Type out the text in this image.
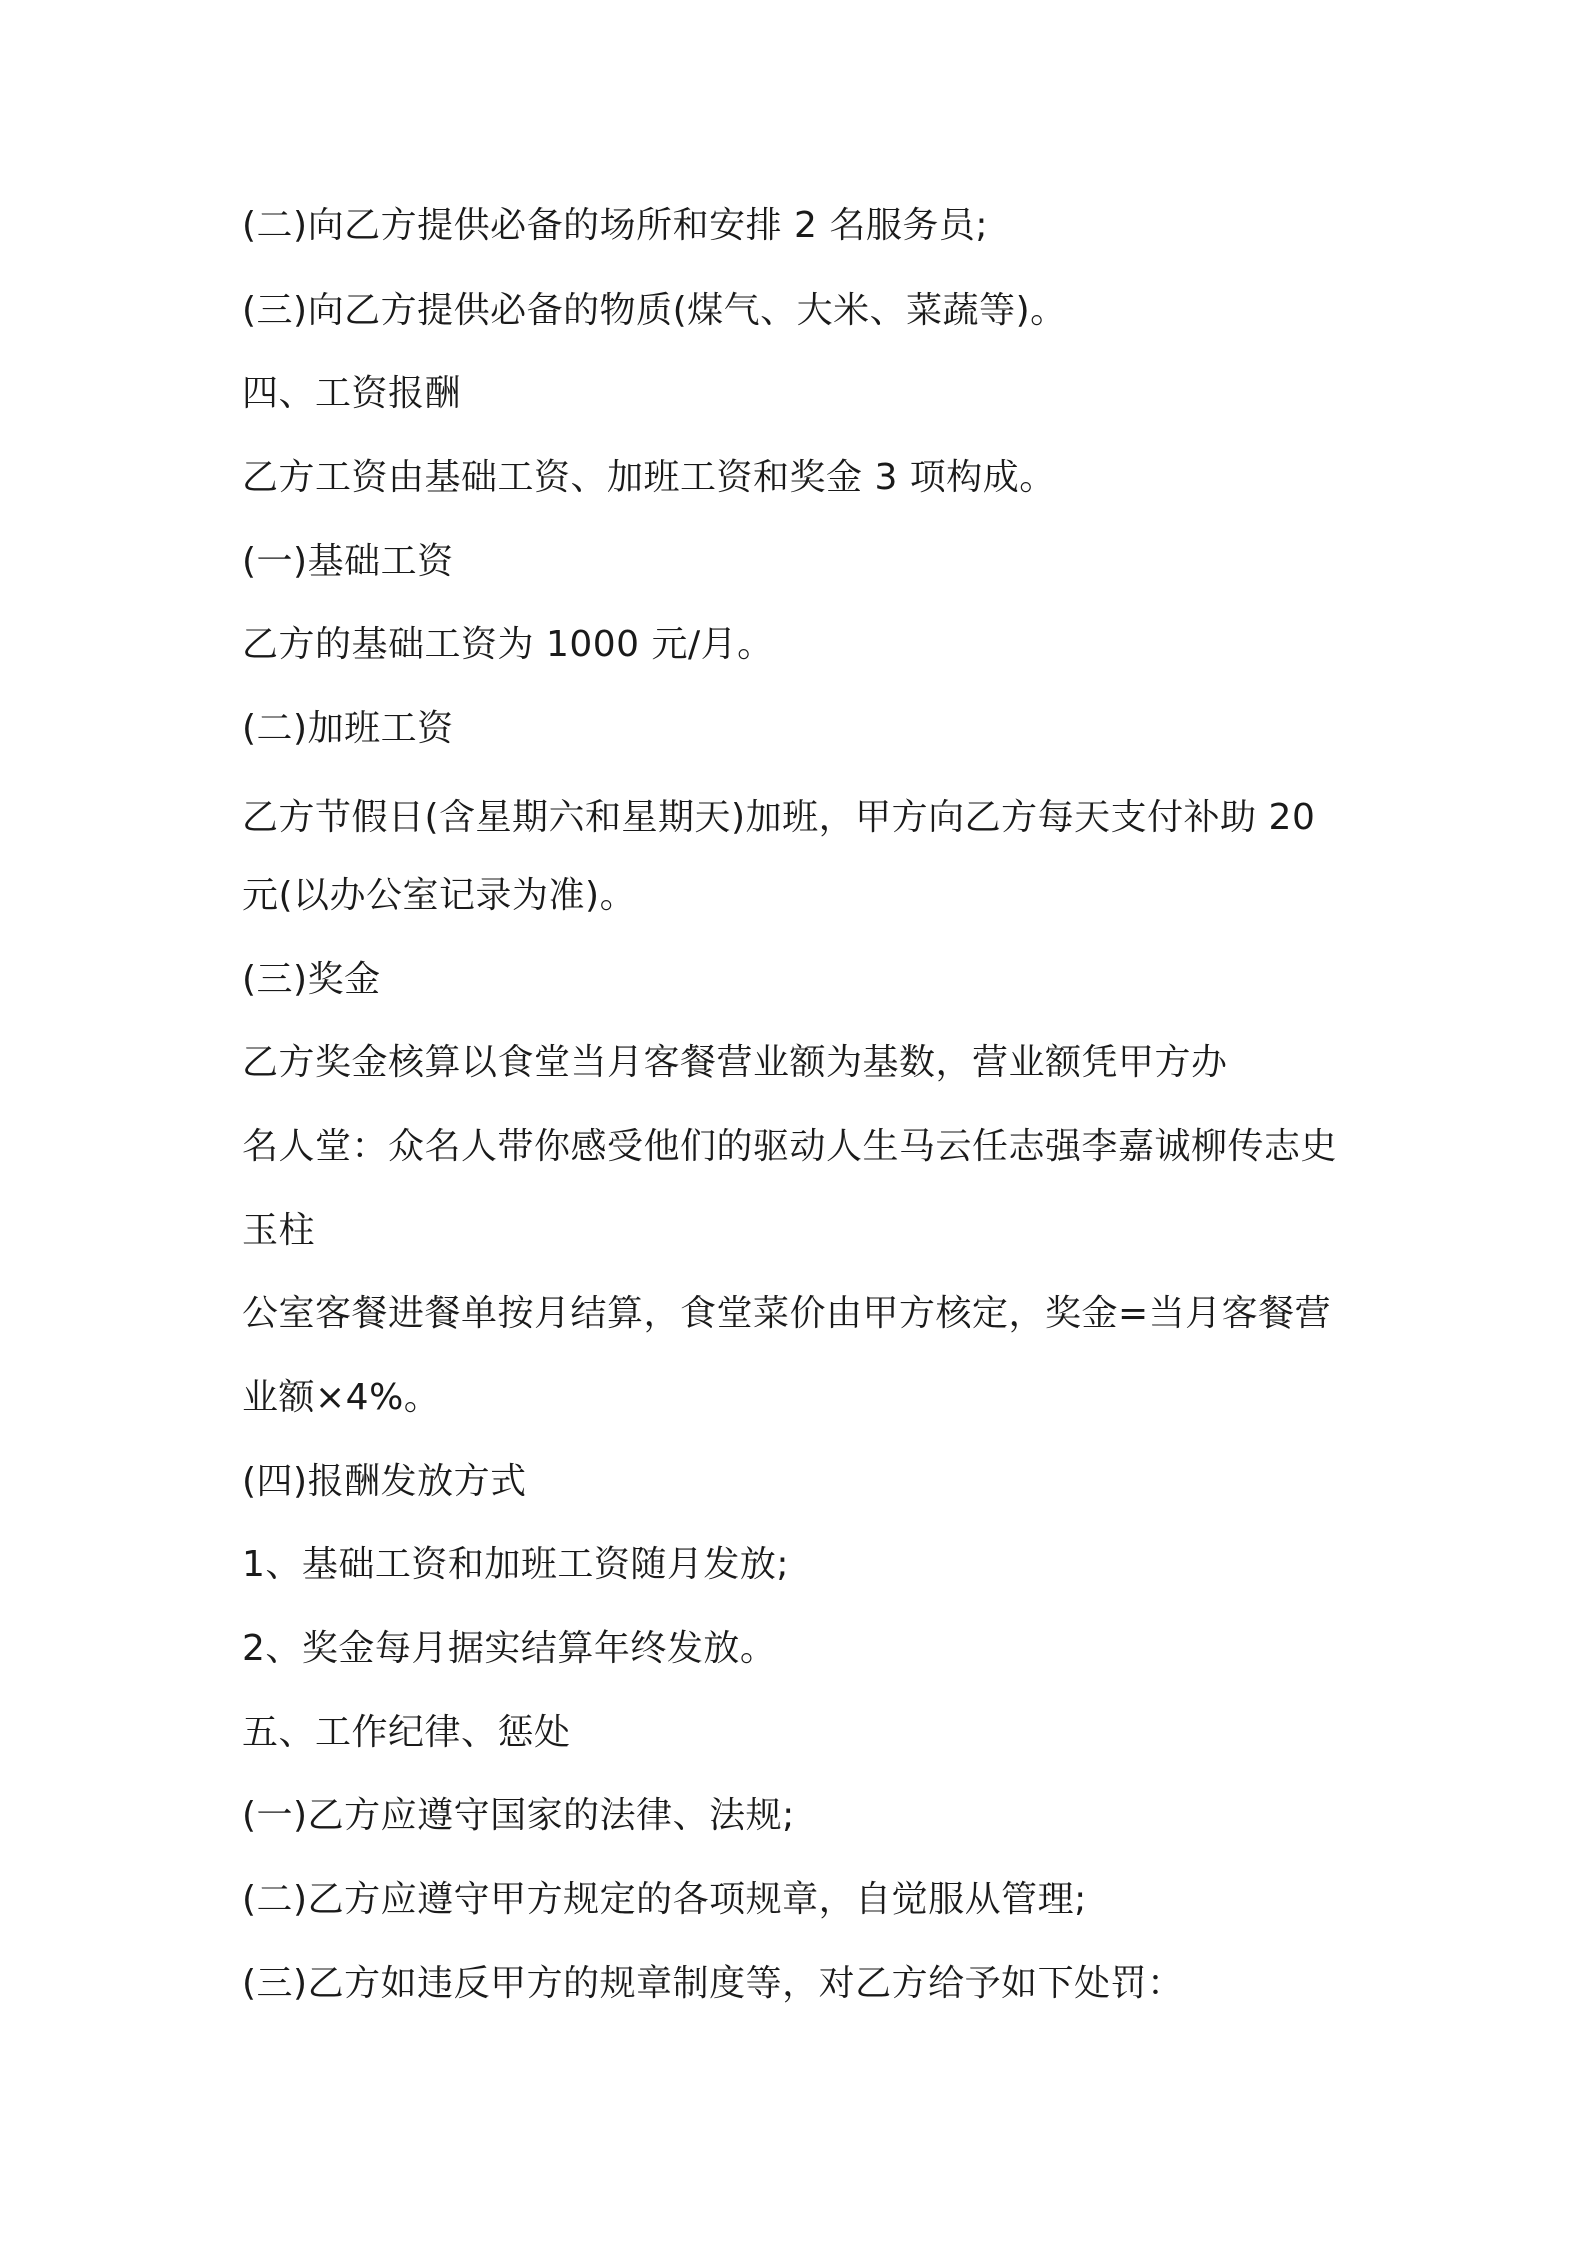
(二)向乙方提供必备的场所和安排 2 名服务员;

(三)向乙方提供必备的物质(煤气、大米、菜蔬等)。

四、工资报酬

乙方工资由基础工资、加班工资和奖金 3 项构成。

(一)基础工资

乙方的基础工资为 1000 元/月。

(二)加班工资

乙方节假日(含星期六和星期天)加班，甲方向乙方每天支付补助 20

元(以办公室记录为准)。

(三)奖金

乙方奖金核算以食堂当月客餐营业额为基数，营业额凭甲方办

名人堂：众名人带你感受他们的驱动人生马云任志强李嘉诚柳传志史

玉柱

公室客餐进餐单按月结算，食堂菜价由甲方核定，奖金=当月客餐营

业额×4%。

(四)报酬发放方式

1、基础工资和加班工资随月发放;

2、奖金每月据实结算年终发放。

五、工作纪律、惩处

(一)乙方应遵守国家的法律、法规;

(二)乙方应遵守甲方规定的各项规章，自觉服从管理;

(三)乙方如违反甲方的规章制度等，对乙方给予如下处罚：
